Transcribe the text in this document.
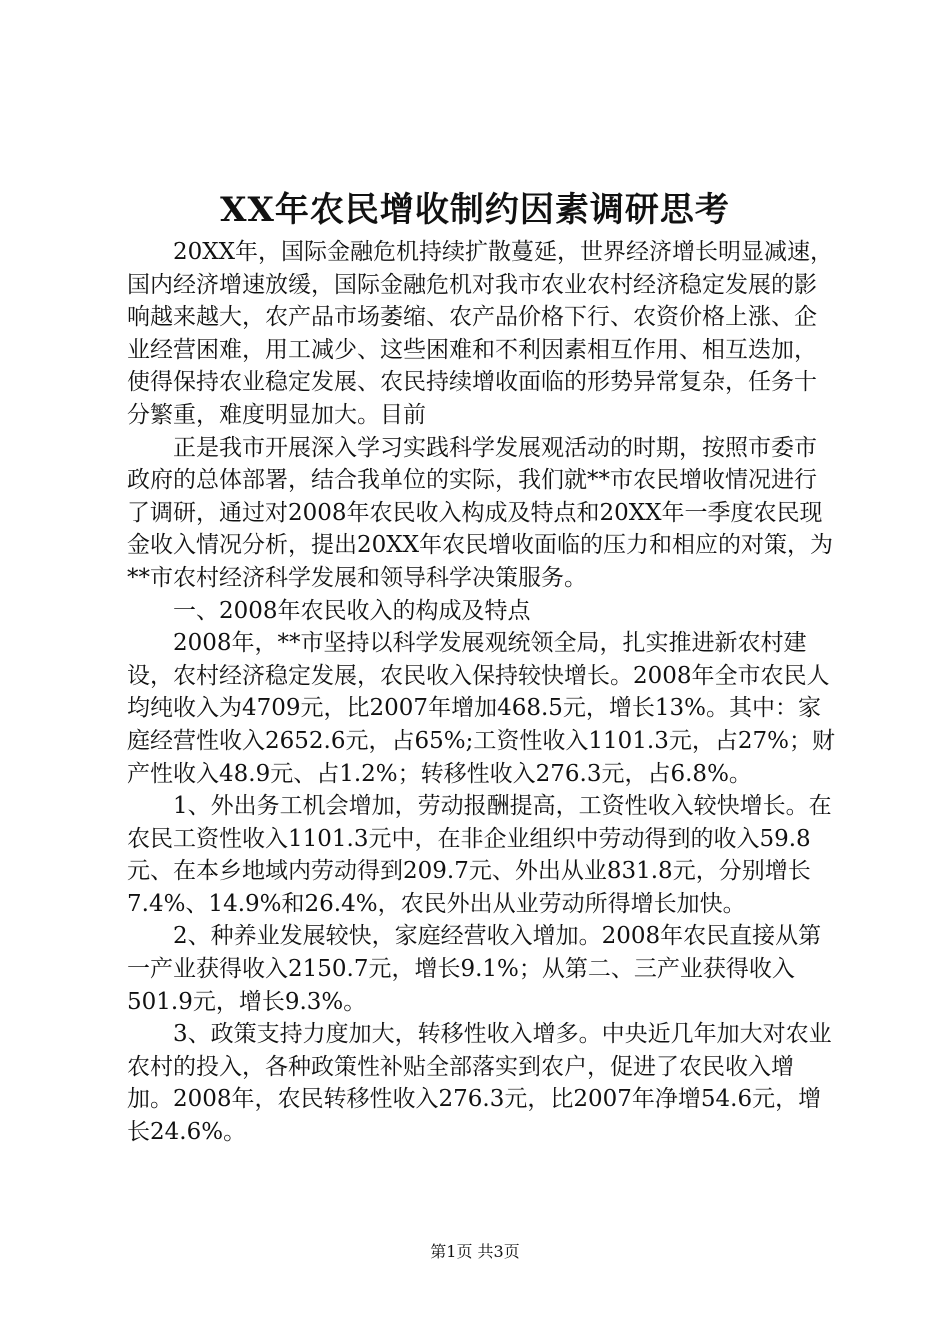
XX年农民增收制约因素调研思考

20XX年，国际金融危机持续扩散蔓延，世界经济增长明显减速，国内经济增速放缓，国际金融危机对我市农业农村经济稳定发展的影响越来越大，农产品市场萎缩、农产品价格下行、农资价格上涨、企业经营困难，用工减少、这些困难和不利因素相互作用、相互迭加，使得保持农业稳定发展、农民持续增收面临的形势异常复杂，任务十分繁重，难度明显加大。目前

正是我市开展深入学习实践科学发展观活动的时期，按照市委市政府的总体部署，结合我单位的实际，我们就**市农民增收情况进行了调研，通过对2008年农民收入构成及特点和20XX年一季度农民现金收入情况分析，提出20XX年农民增收面临的压力和相应的对策，为**市农村经济科学发展和领导科学决策服务。

一、2008年农民收入的构成及特点

2008年，**市坚持以科学发展观统领全局，扎实推进新农村建设，农村经济稳定发展，农民收入保持较快增长。2008年全市农民人均纯收入为4709元，比2007年增加468.5元，增长13%。其中：家庭经营性收入2652.6元，占65%;工资性收入1101.3元，占27%；财产性收入48.9元、占1.2%；转移性收入276.3元，占6.8%。

1、外出务工机会增加，劳动报酬提高，工资性收入较快增长。在农民工资性收入1101.3元中，在非企业组织中劳动得到的收入59.8元、在本乡地域内劳动得到209.7元、外出从业831.8元，分别增长7.4%、14.9%和26.4%，农民外出从业劳动所得增长加快。

2、种养业发展较快，家庭经营收入增加。2008年农民直接从第一产业获得收入2150.7元，增长9.1%；从第二、三产业获得收入501.9元，增长9.3%。

3、政策支持力度加大，转移性收入增多。中央近几年加大对农业农村的投入，各种政策性补贴全部落实到农户，促进了农民收入增加。2008年，农民转移性收入276.3元，比2007年净增54.6元，增长24.6%。

第1页 共3页
